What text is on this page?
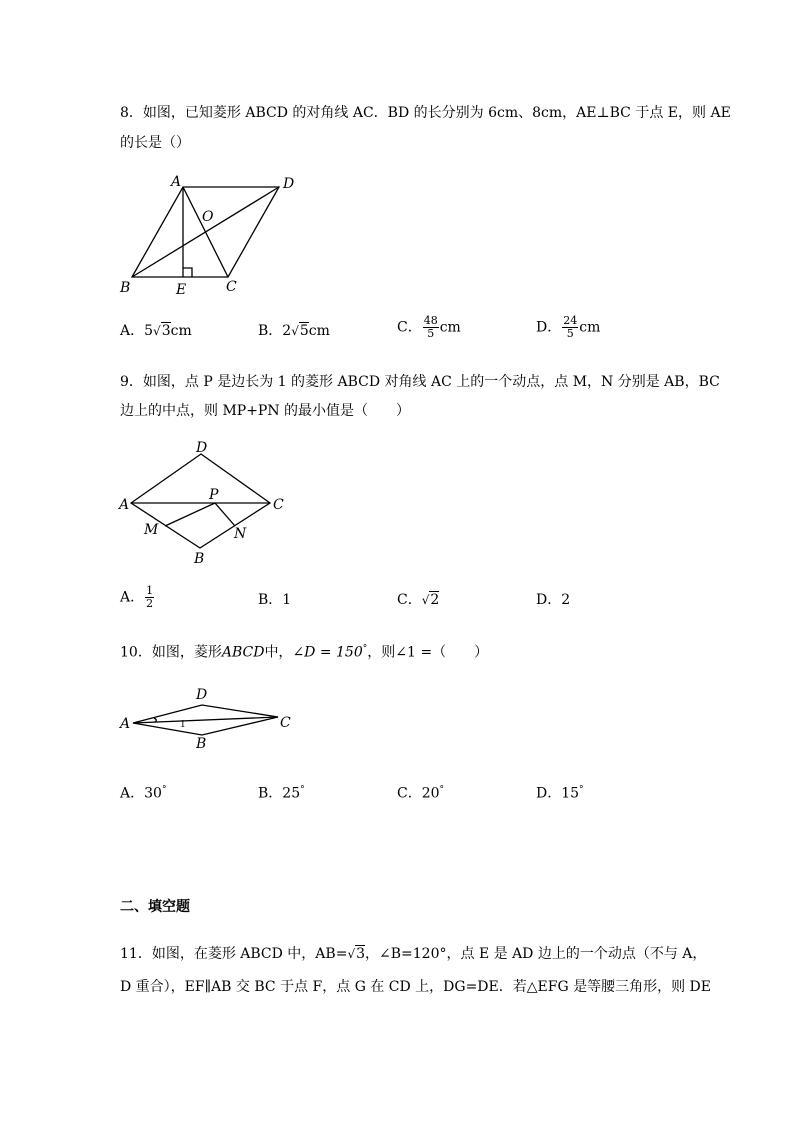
8．如图，已知菱形 ABCD 的对角线 AC．BD 的长分别为 6cm、8cm，AE⊥BC 于点 E，则 AE
的长是（）
A	D
O
B	E	C
A．5√3cm	B．2√5cm	C． $\frac{48}{5}$ cm	D． $\frac{24}{5}$ cm
9．如图，点 P 是边长为 1 的菱形 ABCD 对角线 AC 上的一个动点，点 M，N 分别是 AB，BC
边上的中点，则 MP+PN 的最小值是（　　）
D
A
P
C
M	N
B
A． $\frac{1}{2}$	B．1	C．√2	D．2
10．如图，菱形ABCD中，∠D = 150°，则∠1 =（　　）
D
A	1	C
B
A．30°	B．25°	C．20°	D．15°
二、填空题
11．如图，在菱形 ABCD 中，AB=√3，∠B=120°，点 E 是 AD 边上的一个动点（不与 A，
D 重合），EF∥AB 交 BC 于点 F，点 G 在 CD 上，DG=DE．若△EFG 是等腰三角形，则 DE
